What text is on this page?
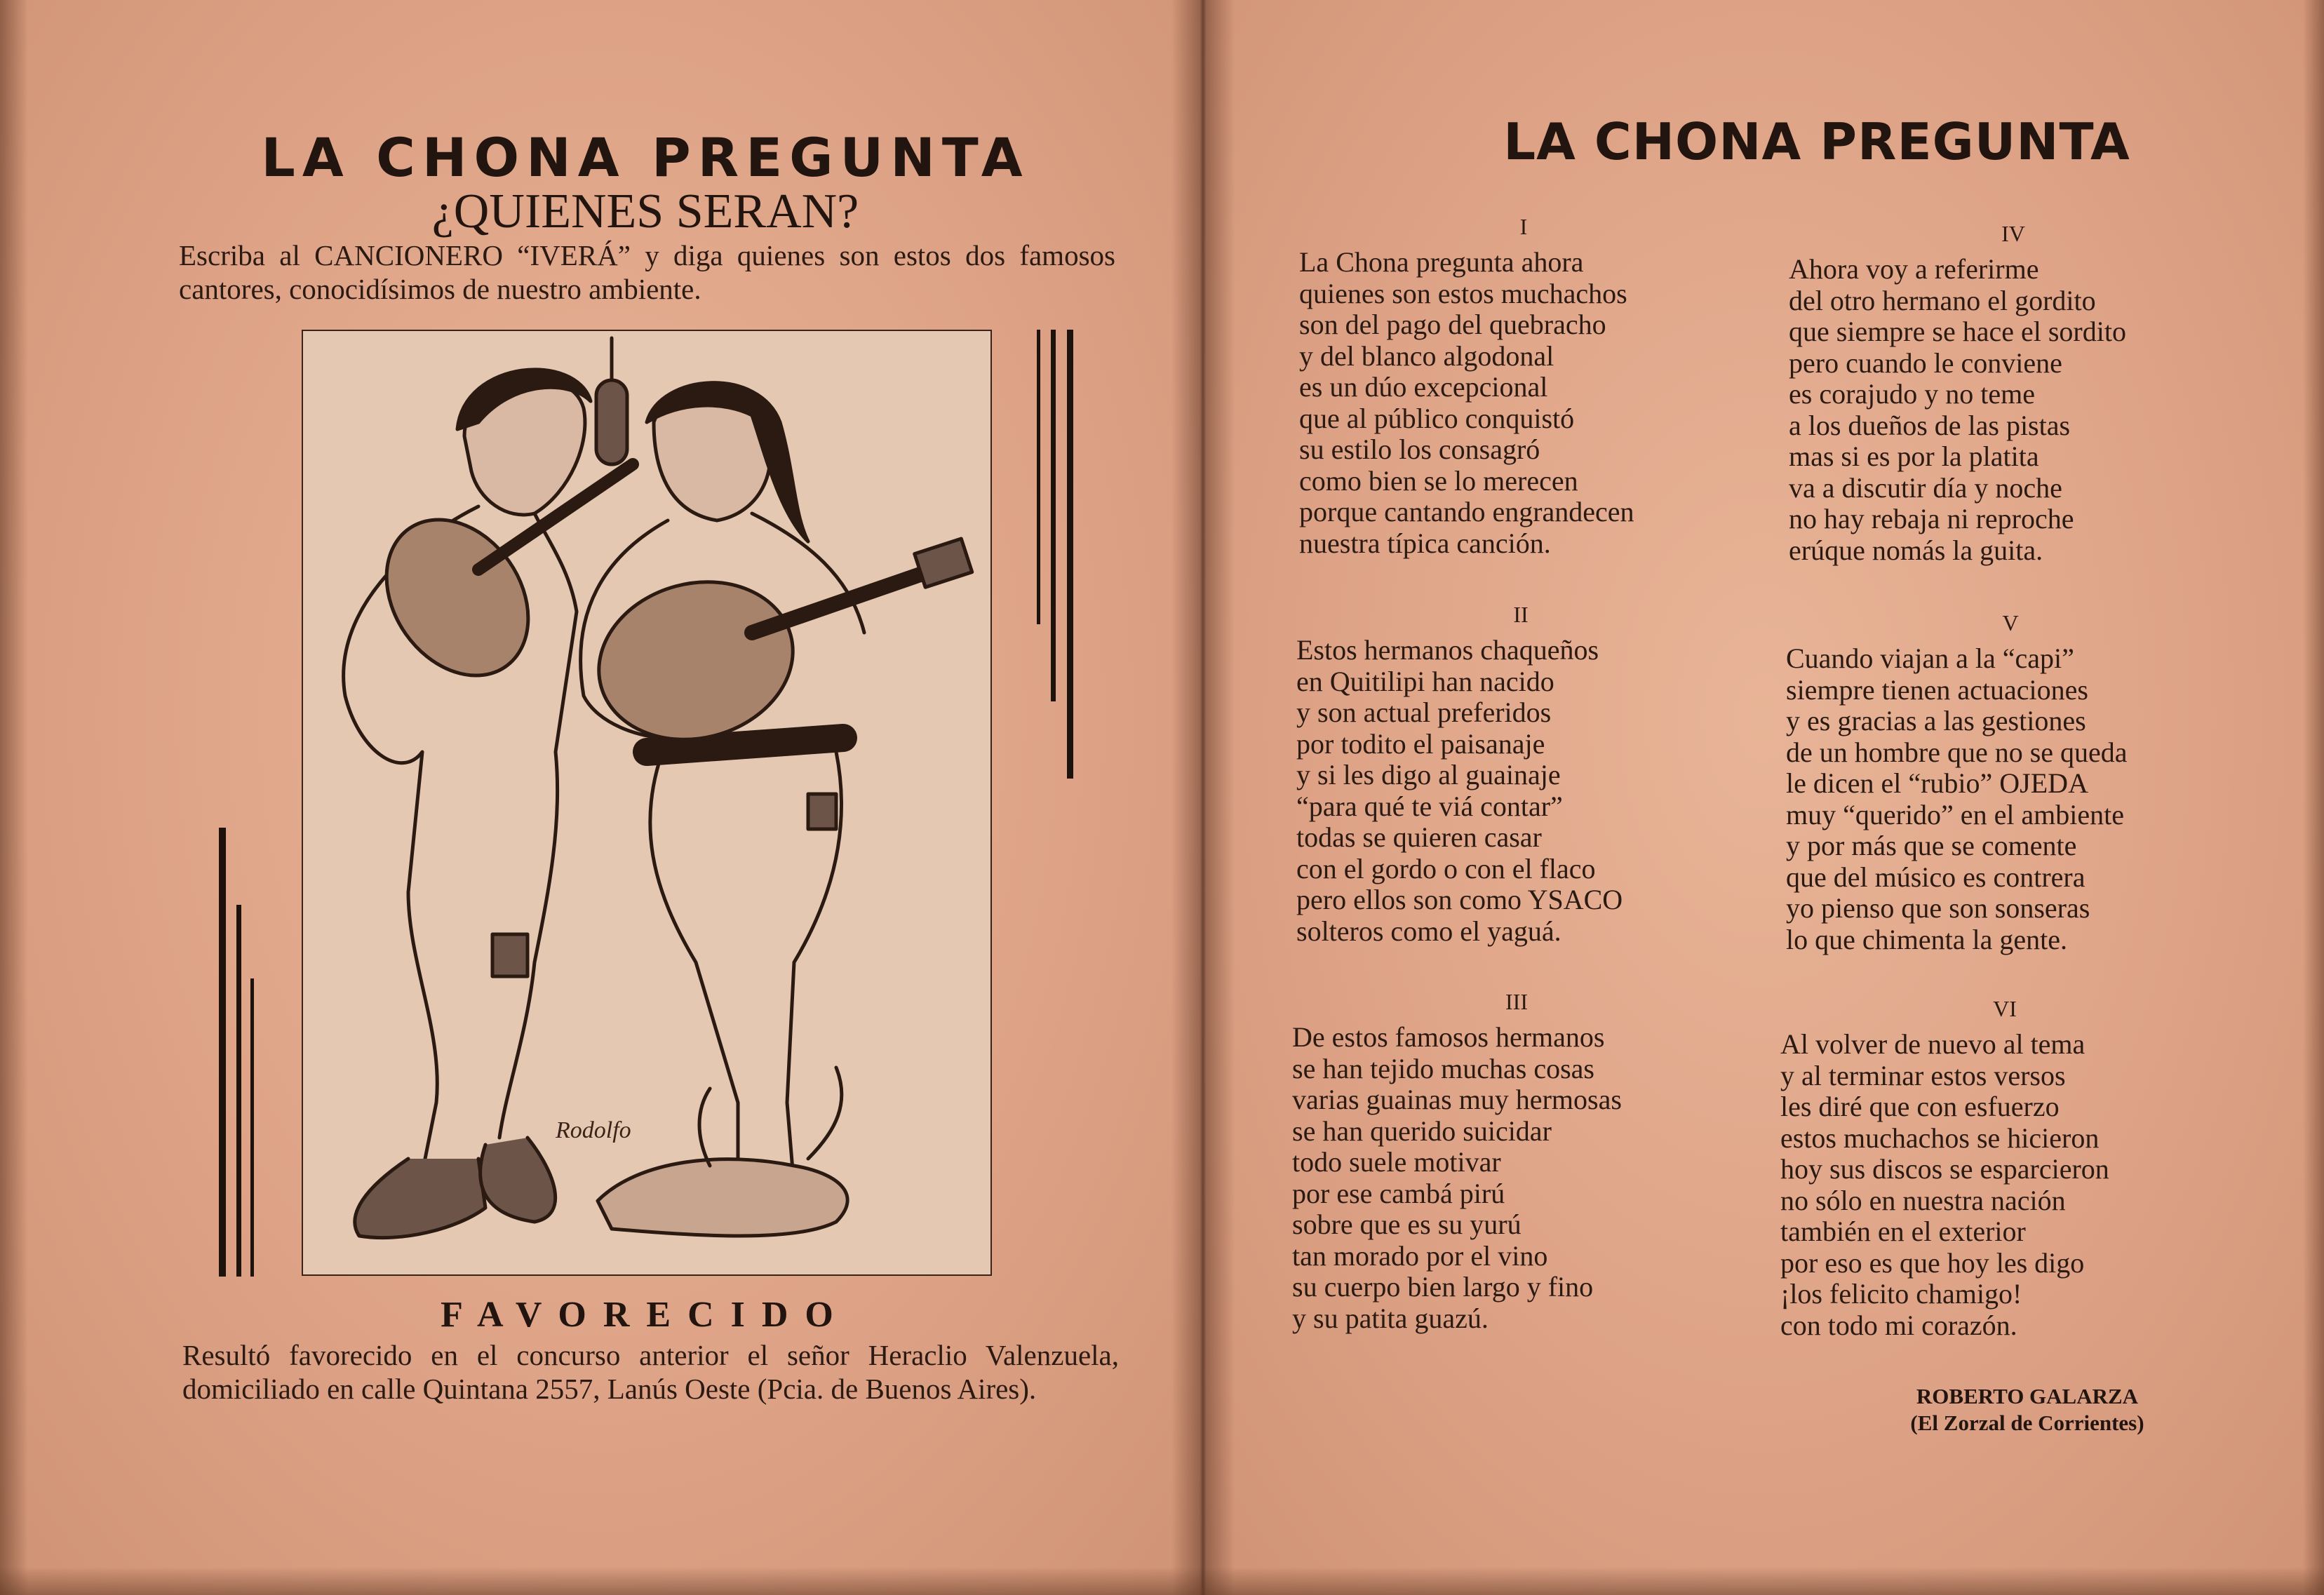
LA CHONA PREGUNTA
¿QUIENES SERAN?
Escriba al CANCIONERO “IVERÁ” y diga quienes son estos dos famosos cantores, conocidísimos de nuestro ambiente.
Rodolfo
FAVORECIDO
Resultó favorecido en el concurso anterior el señor Heraclio Valenzuela, domiciliado en calle Quintana 2557, Lanús Oeste (Pcia. de Buenos Aires).
LA CHONA PREGUNTA
I
La Chona pregunta ahora
quienes son estos muchachos
son del pago del quebracho
y del blanco algodonal
es un dúo excepcional
que al público conquistó
su estilo los consagró
como bien se lo merecen
porque cantando engrandecen
nuestra típica canción.
II
Estos hermanos chaqueños
en Quitilipi han nacido
y son actual preferidos
por todito el paisanaje
y si les digo al guainaje
“para qué te viá contar”
todas se quieren casar
con el gordo o con el flaco
pero ellos son como YSACO
solteros como el yaguá.
III
De estos famosos hermanos
se han tejido muchas cosas
varias guainas muy hermosas
se han querido suicidar
todo suele motivar
por ese cambá pirú
sobre que es su yurú
tan morado por el vino
su cuerpo bien largo y fino
y su patita guazú.
IV
Ahora voy a referirme
del otro hermano el gordito
que siempre se hace el sordito
pero cuando le conviene
es corajudo y no teme
a los dueños de las pistas
mas si es por la platita
va a discutir día y noche
no hay rebaja ni reproche
erúque nomás la guita.
V
Cuando viajan a la “capi”
siempre tienen actuaciones
y es gracias a las gestiones
de un hombre que no se queda
le dicen el “rubio” OJEDA
muy “querido” en el ambiente
y por más que se comente
que del músico es contrera
yo pienso que son sonseras
lo que chimenta la gente.
VI
Al volver de nuevo al tema
y al terminar estos versos
les diré que con esfuerzo
estos muchachos se hicieron
hoy sus discos se esparcieron
no sólo en nuestra nación
también en el exterior
por eso es que hoy les digo
¡los felicito chamigo!
con todo mi corazón.
ROBERTO GALARZA
(El Zorzal de Corrientes)
